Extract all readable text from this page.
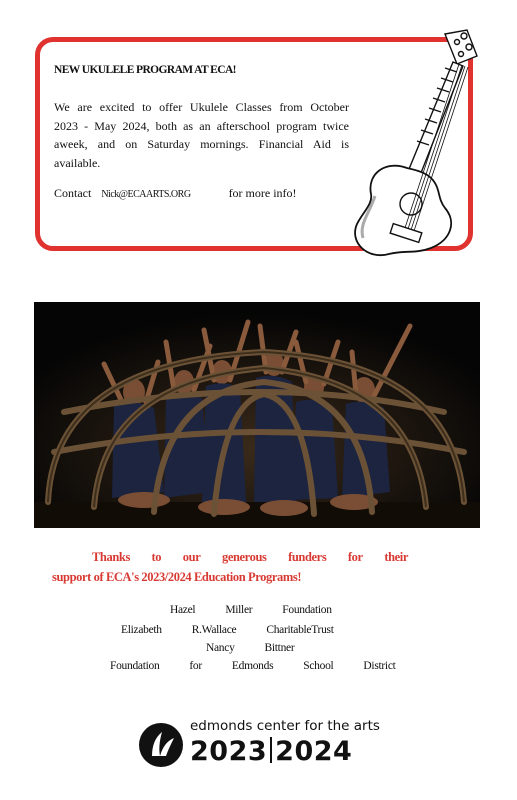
NEW UKULELE PROGRAM AT ECA!
We are excited to offer Ukulele Classes from October 2023 - May 2024, both as an afterschool program twice aweek, and on Saturday mornings. Financial Aid is available.
Contact Nick@ECAARTS.ORG	for more info!
Thanks to our generous funders for their
support of ECA's 2023/2024 Education Programs!
Hazel	Miller	Foundation
Elizabeth	R.Wallace	CharitableTrust
Nancy	Bittner
Foundation	for	Edmonds	School	District
edmonds center for the arts
2023 2024
